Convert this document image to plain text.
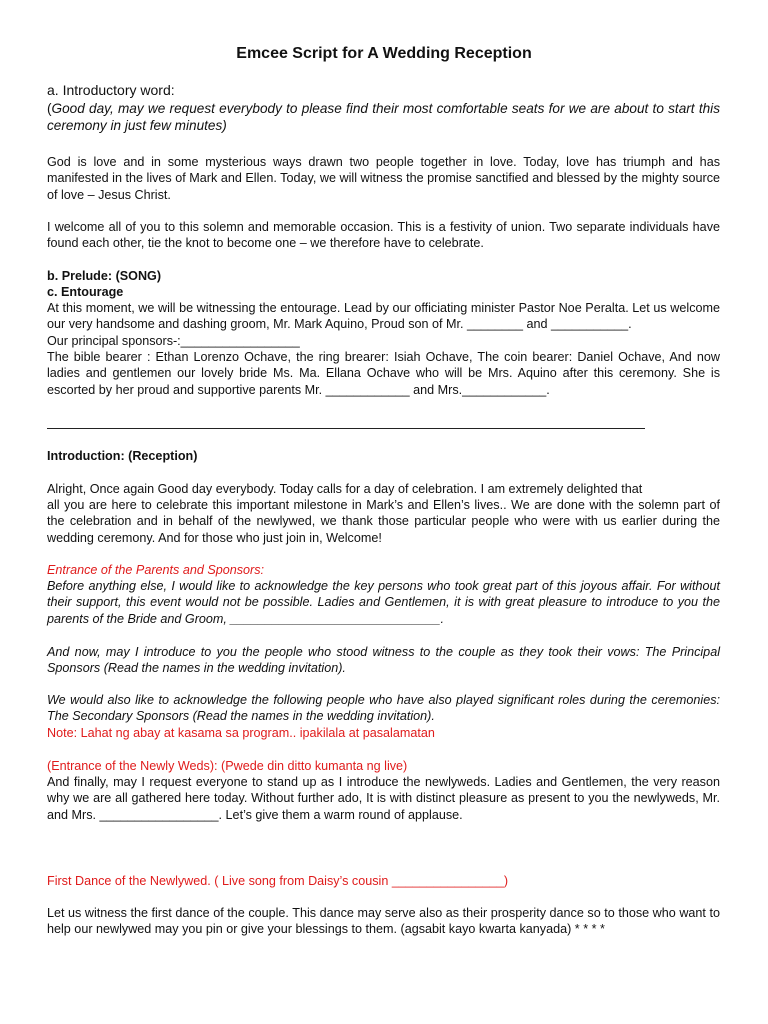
Emcee Script for A Wedding Reception
a. Introductory word:
(Good day, may we request everybody to please find their most comfortable seats for we are about to start this ceremony in just few minutes)

God is love and in some mysterious ways drawn two people together in love. Today, love has triumph and has manifested in the lives of Mark and Ellen. Today, we will witness the promise sanctified and blessed by the mighty source of love – Jesus Christ.

I welcome all of you to this solemn and memorable occasion. This is a festivity of union. Two separate individuals have found each other, tie the knot to become one – we therefore have to celebrate.

b. Prelude: (SONG)
c. Entourage

At this moment, we will be witnessing the entourage. Lead by our officiating minister Pastor Noe Peralta. Let us welcome our very handsome and dashing groom, Mr. Mark Aquino, Proud son of Mr. ________ and ___________.

Our principal sponsors-:_________________

The bible bearer : Ethan Lorenzo Ochave, the ring brearer: Isiah Ochave, The coin bearer: Daniel Ochave, And now ladies and gentlemen our lovely bride Ms. Ma. Ellana Ochave who will be Mrs. Aquino after this ceremony. She is escorted by her proud and supportive parents Mr. ____________ and Mrs.____________.

Introduction: (Reception)

Alright, Once again Good day everybody. Today calls for a day of celebration. I am extremely delighted that

all you are here to celebrate this important milestone in Mark’s and Ellen’s lives.. We are done with the solemn part of the celebration and in behalf of the newlywed, we thank those particular people who were with us earlier during the wedding ceremony. And for those who just join in, Welcome!

Entrance of the Parents and Sponsors:

Before anything else, I would like to acknowledge the key persons who took great part of this joyous affair. For without their support, this event would not be possible. Ladies and Gentlemen, it is with great pleasure to introduce to you the parents of the Bride and Groom, ______________________________.

And now, may I introduce to you the people who stood witness to the couple as they took their vows: The Principal Sponsors (Read the names in the wedding invitation).

We would also like to acknowledge the following people who have also played significant roles during the ceremonies: The Secondary Sponsors (Read the names in the wedding invitation).

Note: Lahat ng abay at kasama sa program.. ipakilala at pasalamatan
(Entrance of the Newly Weds): (Pwede din ditto kumanta ng live)

And finally, may I request everyone to stand up as I introduce the newlyweds. Ladies and Gentlemen, the very reason why we are all gathered here today. Without further ado, It is with distinct pleasure as present to you the newlyweds, Mr. and Mrs. _________________. Let’s give them a warm round of applause.

First Dance of the Newlywed. ( Live song from Daisy’s cousin ________________)

Let us witness the first dance of the couple. This dance may serve also as their prosperity dance so to those who want to help our newlywed may you pin or give your blessings to them. (agsabit kayo kwarta kanyada) * * * *
